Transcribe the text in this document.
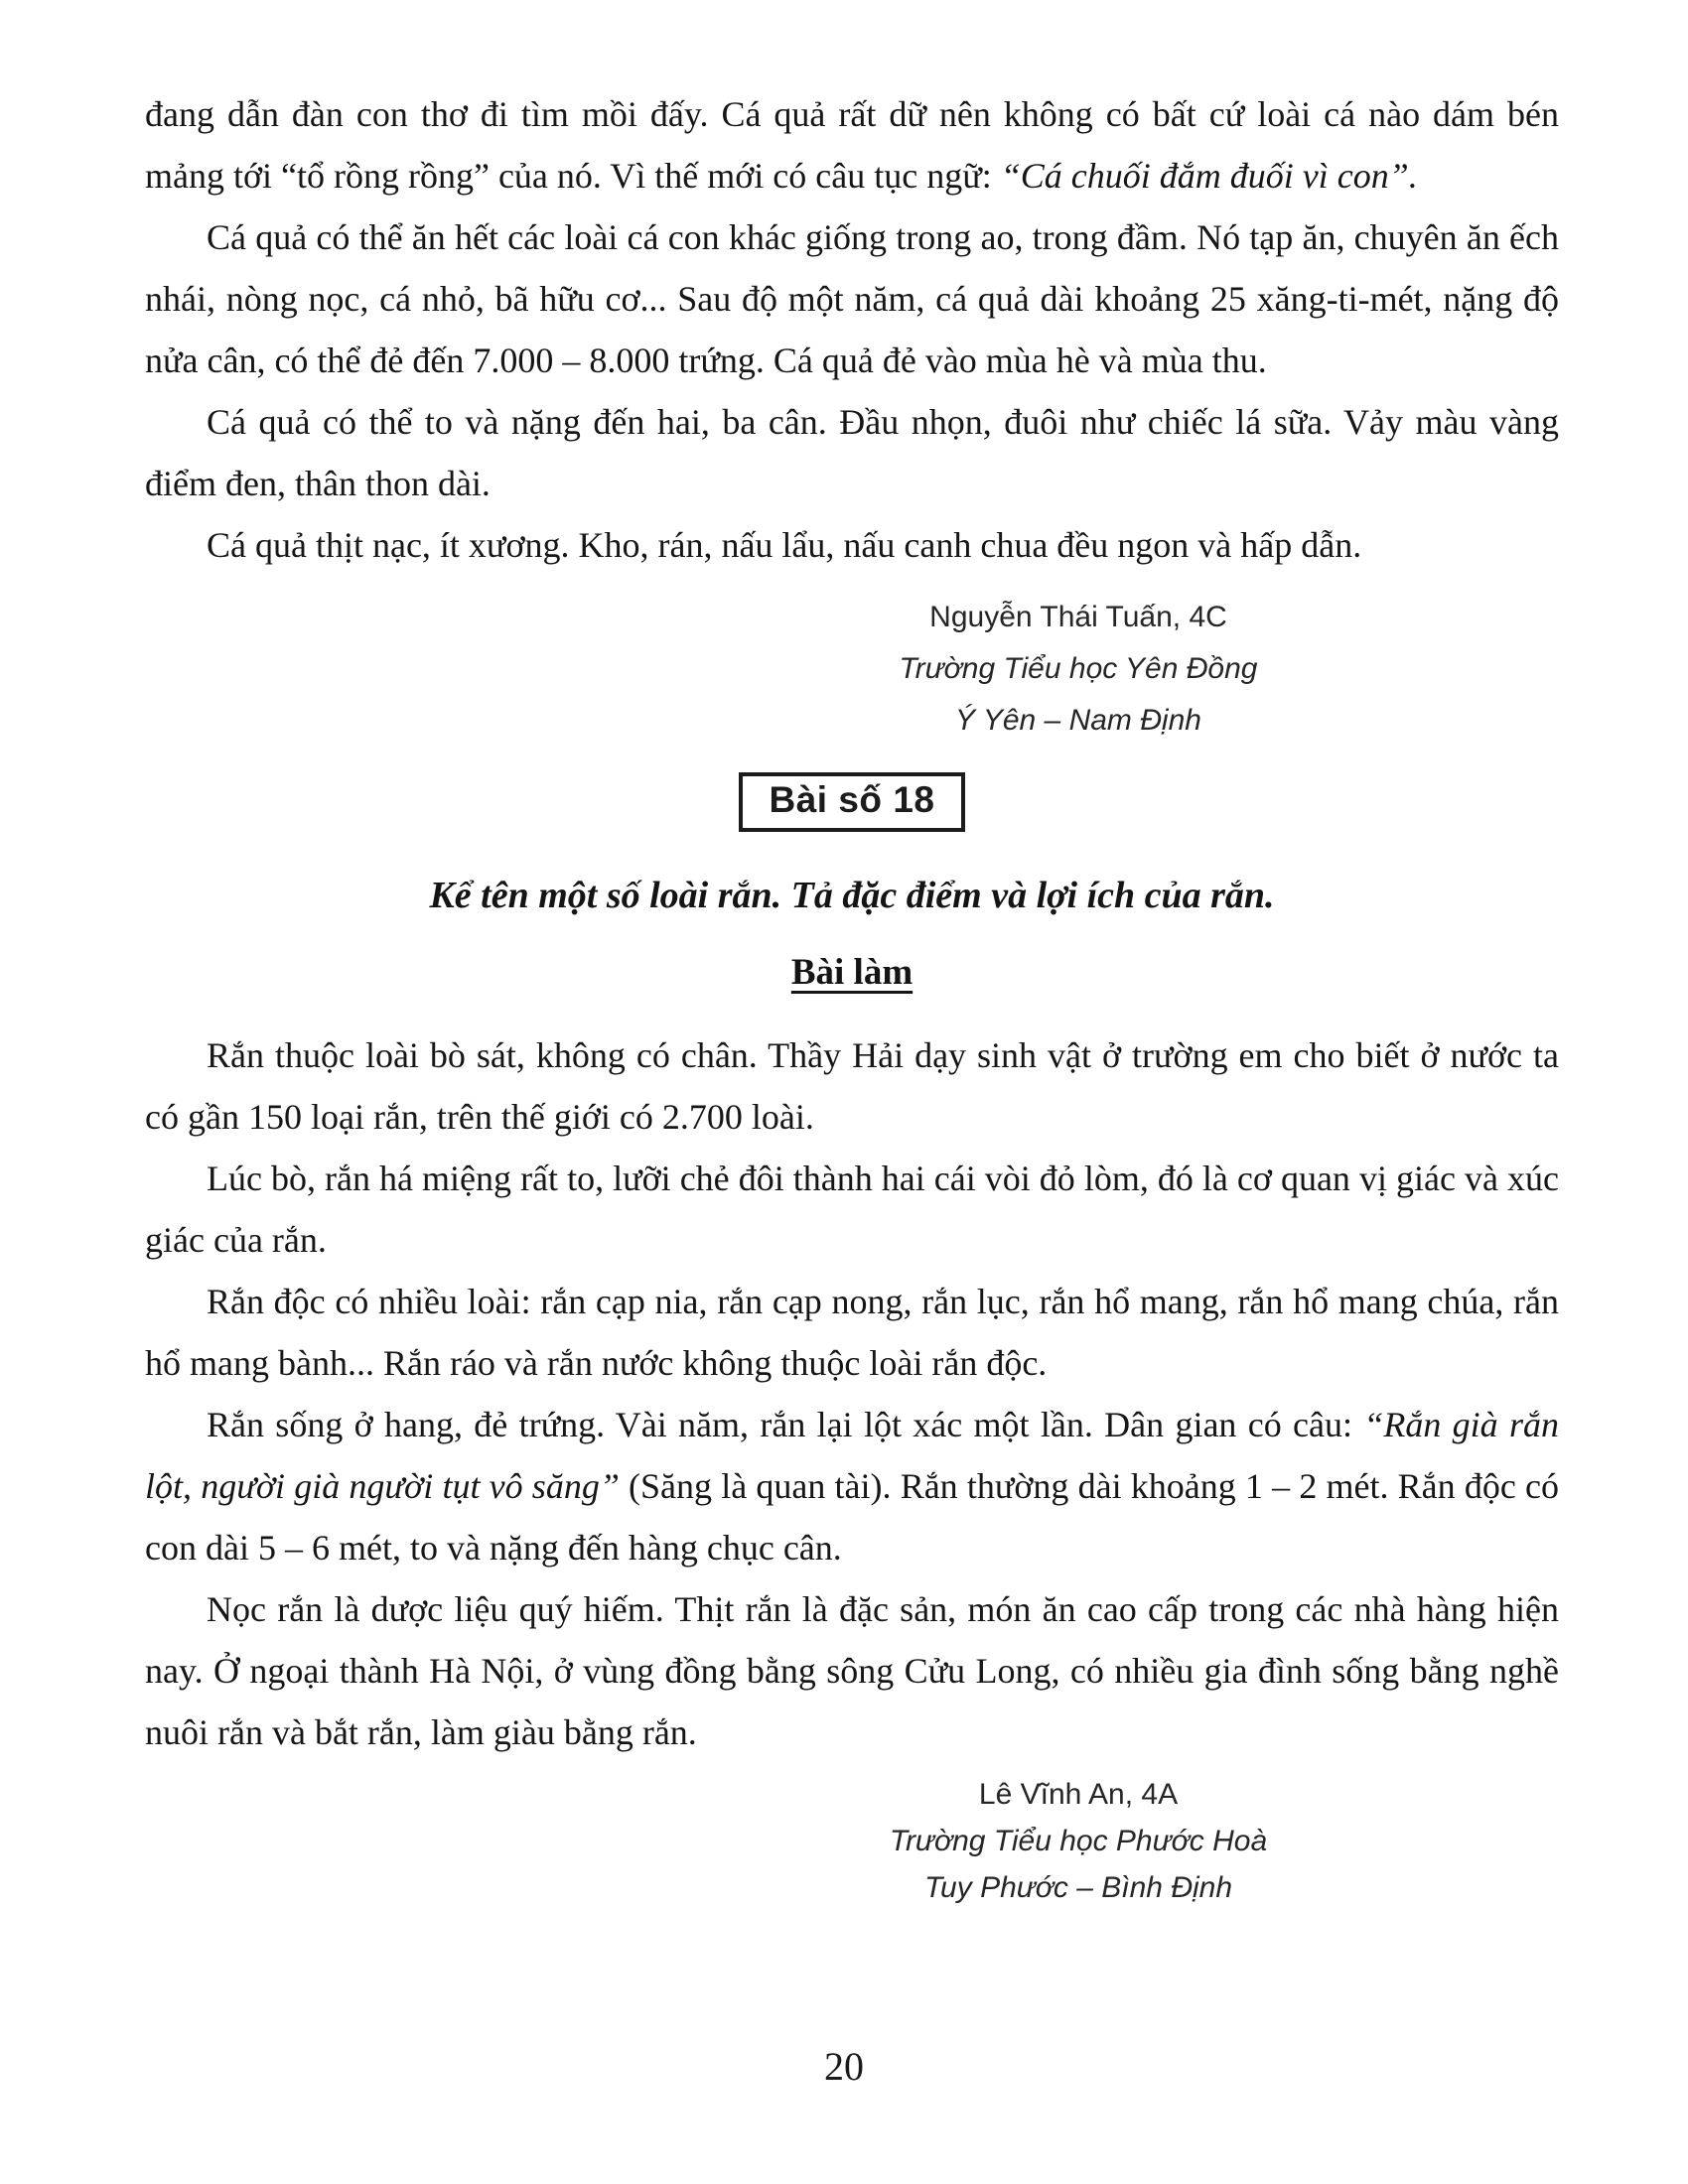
đang dẫn đàn con thơ đi tìm mồi đấy. Cá quả rất dữ nên không có bất cứ loài cá nào dám bén mảng tới “tổ rồng rồng” của nó. Vì thế mới có câu tục ngữ: “Cá chuối đắm đuối vì con”.

Cá quả có thể ăn hết các loài cá con khác giống trong ao, trong đầm. Nó tạp ăn, chuyên ăn ếch nhái, nòng nọc, cá nhỏ, bã hữu cơ... Sau độ một năm, cá quả dài khoảng 25 xăng-ti-mét, nặng độ nửa cân, có thể đẻ đến 7.000 – 8.000 trứng. Cá quả đẻ vào mùa hè và mùa thu.

Cá quả có thể to và nặng đến hai, ba cân. Đầu nhọn, đuôi như chiếc lá sữa. Vảy màu vàng điểm đen, thân thon dài.

Cá quả thịt nạc, ít xương. Kho, rán, nấu lẩu, nấu canh chua đều ngon và hấp dẫn.

Nguyễn Thái Tuấn, 4C
Trường Tiểu học Yên Đồng
Ý Yên – Nam Định
Bài số 18
Kể tên một số loài rắn. Tả đặc điểm và lợi ích của rắn.
Bài làm

Rắn thuộc loài bò sát, không có chân. Thầy Hải dạy sinh vật ở trường em cho biết ở nước ta có gần 150 loại rắn, trên thế giới có 2.700 loài.

Lúc bò, rắn há miệng rất to, lưỡi chẻ đôi thành hai cái vòi đỏ lòm, đó là cơ quan vị giác và xúc giác của rắn.

Rắn độc có nhiều loài: rắn cạp nia, rắn cạp nong, rắn lục, rắn hổ mang, rắn hổ mang chúa, rắn hổ mang bành... Rắn ráo và rắn nước không thuộc loài rắn độc.

Rắn sống ở hang, đẻ trứng. Vài năm, rắn lại lột xác một lần. Dân gian có câu: “Rắn già rắn lột, người già người tụt vô săng” (Săng là quan tài). Rắn thường dài khoảng 1 – 2 mét. Rắn độc có con dài 5 – 6 mét, to và nặng đến hàng chục cân.

Nọc rắn là dược liệu quý hiếm. Thịt rắn là đặc sản, món ăn cao cấp trong các nhà hàng hiện nay. Ở ngoại thành Hà Nội, ở vùng đồng bằng sông Cửu Long, có nhiều gia đình sống bằng nghề nuôi rắn và bắt rắn, làm giàu bằng rắn.

Lê Vĩnh An, 4A
Trường Tiểu học Phước Hoà
Tuy Phước – Bình Định
20
